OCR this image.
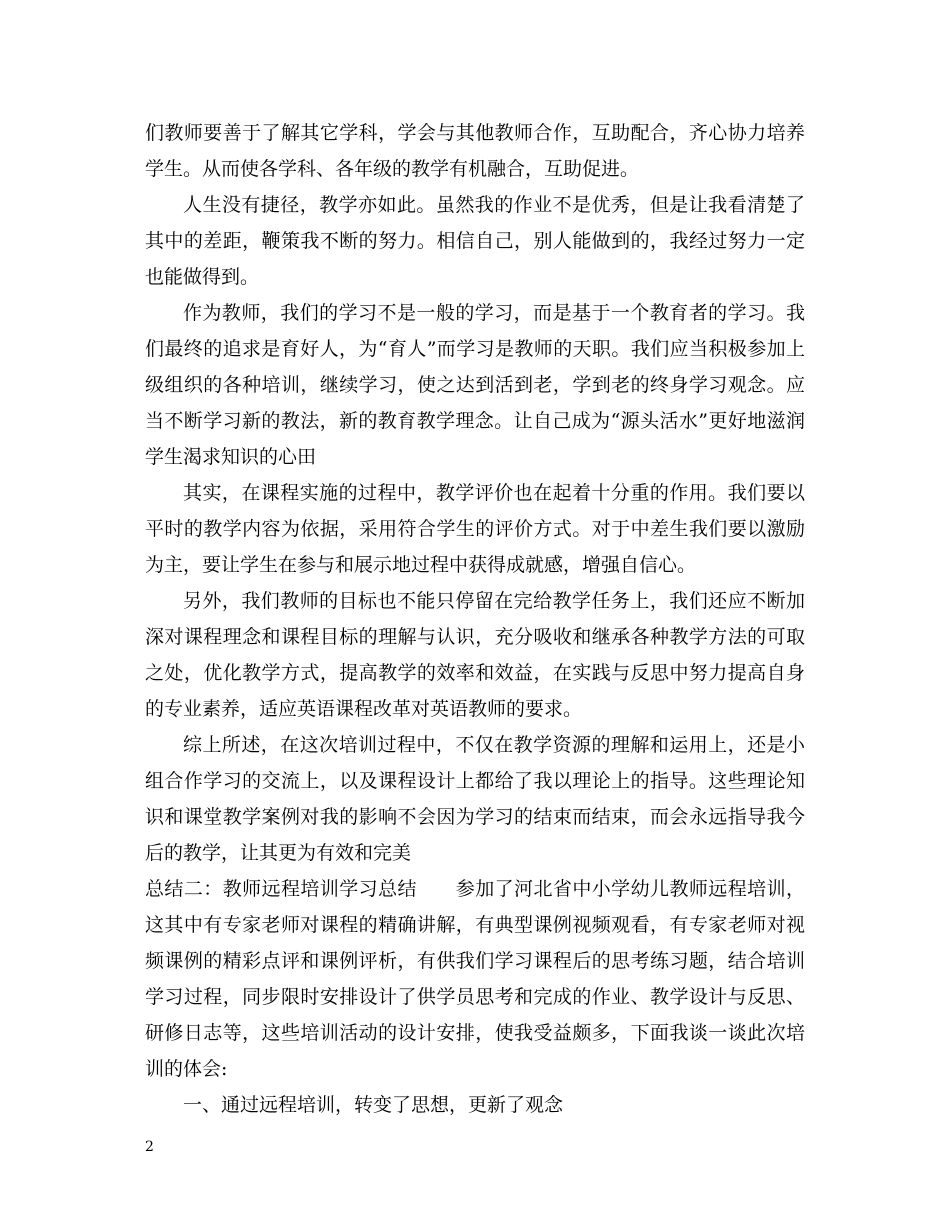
们教师要善于了解其它学科，学会与其他教师合作，互助配合，齐心协力培养学生。从而使各学科、各年级的教学有机融合，互助促进。

人生没有捷径，教学亦如此。虽然我的作业不是优秀，但是让我看清楚了其中的差距，鞭策我不断的努力。相信自己，别人能做到的，我经过努力一定也能做得到。

作为教师，我们的学习不是一般的学习，而是基于一个教育者的学习。我们最终的追求是育好人，为“育人”而学习是教师的天职。我们应当积极参加上级组织的各种培训，继续学习，使之达到活到老，学到老的终身学习观念。应当不断学习新的教法，新的教育教学理念。让自己成为“源头活水”更好地滋润学生渴求知识的心田

其实，在课程实施的过程中，教学评价也在起着十分重的作用。我们要以平时的教学内容为依据，采用符合学生的评价方式。对于中差生我们要以激励为主，要让学生在参与和展示地过程中获得成就感，增强自信心。

另外，我们教师的目标也不能只停留在完给教学任务上，我们还应不断加深对课程理念和课程目标的理解与认识，充分吸收和继承各种教学方法的可取之处，优化教学方式，提高教学的效率和效益，在实践与反思中努力提高自身的专业素养，适应英语课程改革对英语教师的要求。

综上所述，在这次培训过程中，不仅在教学资源的理解和运用上，还是小组合作学习的交流上，以及课程设计上都给了我以理论上的指导。这些理论知识和课堂教学案例对我的影响不会因为学习的结束而结束，而会永远指导我今后的教学，让其更为有效和完美

总结二：教师远程培训学习总结　　参加了河北省中小学幼儿教师远程培训，这其中有专家老师对课程的精确讲解，有典型课例视频观看，有专家老师对视频课例的精彩点评和课例评析，有供我们学习课程后的思考练习题，结合培训学习过程，同步限时安排设计了供学员思考和完成的作业、教学设计与反思、研修日志等，这些培训活动的设计安排，使我受益颇多，下面我谈一谈此次培训的体会:

一、通过远程培训，转变了思想，更新了观念

2
